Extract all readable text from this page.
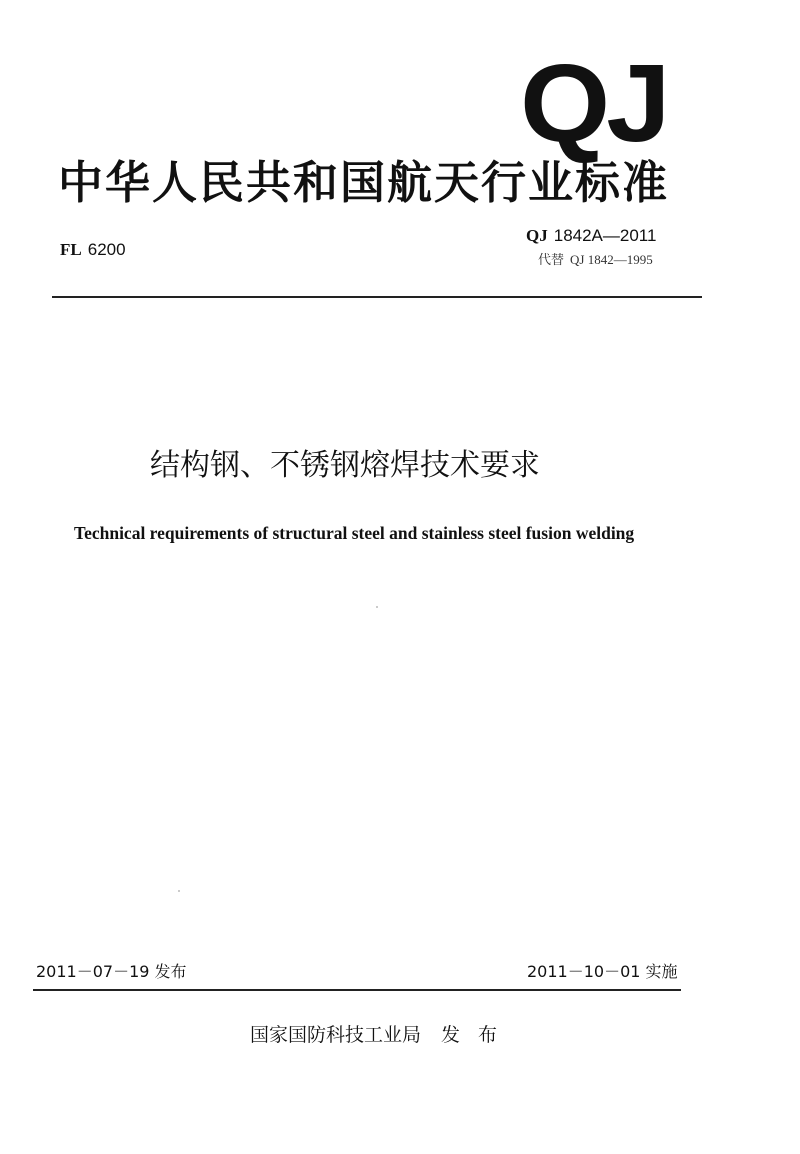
QJ
中华人民共和国航天行业标准
FL 6200
QJ 1842A—2011
代替 QJ 1842—1995
结构钢、不锈钢熔焊技术要求
Technical requirements of structural steel and stainless steel fusion welding
2011－07－19 发布	2011－10－01 实施
国家国防科技工业局 发 布
